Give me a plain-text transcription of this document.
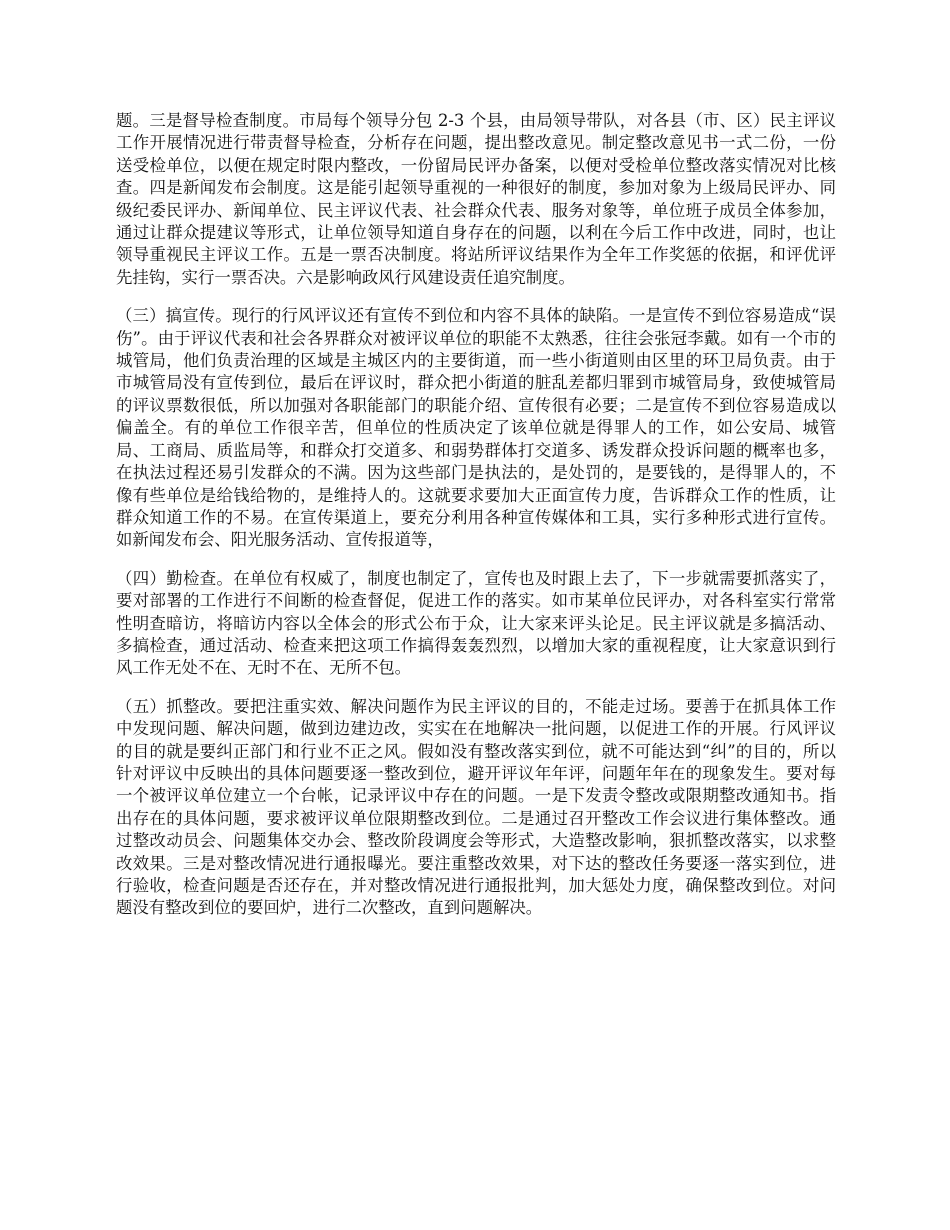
题。三是督导检查制度。市局每个领导分包 2-3 个县，由局领导带队，对各县（市、区）民主评议工作开展情况进行带责督导检查，分析存在问题，提出整改意见。制定整改意见书一式二份，一份送受检单位，以便在规定时限内整改，一份留局民评办备案，以便对受检单位整改落实情况对比核查。四是新闻发布会制度。这是能引起领导重视的一种很好的制度，参加对象为上级局民评办、同级纪委民评办、新闻单位、民主评议代表、社会群众代表、服务对象等，单位班子成员全体参加，通过让群众提建议等形式，让单位领导知道自身存在的问题，以利在今后工作中改进，同时，也让领导重视民主评议工作。五是一票否决制度。将站所评议结果作为全年工作奖惩的依据，和评优评先挂钩，实行一票否决。六是影响政风行风建设责任追究制度。

（三）搞宣传。现行的行风评议还有宣传不到位和内容不具体的缺陷。一是宣传不到位容易造成“误伤”。由于评议代表和社会各界群众对被评议单位的职能不太熟悉，往往会张冠李戴。如有一个市的城管局，他们负责治理的区域是主城区内的主要街道，而一些小街道则由区里的环卫局负责。由于市城管局没有宣传到位，最后在评议时，群众把小街道的脏乱差都归罪到市城管局身，致使城管局的评议票数很低，所以加强对各职能部门的职能介绍、宣传很有必要；二是宣传不到位容易造成以偏盖全。有的单位工作很辛苦，但单位的性质决定了该单位就是得罪人的工作，如公安局、城管局、工商局、质监局等，和群众打交道多、和弱势群体打交道多、诱发群众投诉问题的概率也多，在执法过程还易引发群众的不满。因为这些部门是执法的，是处罚的，是要钱的，是得罪人的，不像有些单位是给钱给物的，是维持人的。这就要求要加大正面宣传力度，告诉群众工作的性质，让群众知道工作的不易。在宣传渠道上，要充分利用各种宣传媒体和工具，实行多种形式进行宣传。如新闻发布会、阳光服务活动、宣传报道等，

（四）勤检查。在单位有权威了，制度也制定了，宣传也及时跟上去了，下一步就需要抓落实了，要对部署的工作进行不间断的检查督促，促进工作的落实。如市某单位民评办，对各科室实行常常性明查暗访，将暗访内容以全体会的形式公布于众，让大家来评头论足。民主评议就是多搞活动、多搞检查，通过活动、检查来把这项工作搞得轰轰烈烈，以增加大家的重视程度，让大家意识到行风工作无处不在、无时不在、无所不包。

（五）抓整改。要把注重实效、解决问题作为民主评议的目的，不能走过场。要善于在抓具体工作中发现问题、解决问题，做到边建边改，实实在在地解决一批问题，以促进工作的开展。行风评议的目的就是要纠正部门和行业不正之风。假如没有整改落实到位，就不可能达到“纠”的目的，所以针对评议中反映出的具体问题要逐一整改到位，避开评议年年评，问题年年在的现象发生。要对每一个被评议单位建立一个台帐，记录评议中存在的问题。一是下发责令整改或限期整改通知书。指出存在的具体问题，要求被评议单位限期整改到位。二是通过召开整改工作会议进行集体整改。通过整改动员会、问题集体交办会、整改阶段调度会等形式，大造整改影响，狠抓整改落实，以求整改效果。三是对整改情况进行通报曝光。要注重整改效果，对下达的整改任务要逐一落实到位，进行验收，检查问题是否还存在，并对整改情况进行通报批判，加大惩处力度，确保整改到位。对问题没有整改到位的要回炉，进行二次整改，直到问题解决。
